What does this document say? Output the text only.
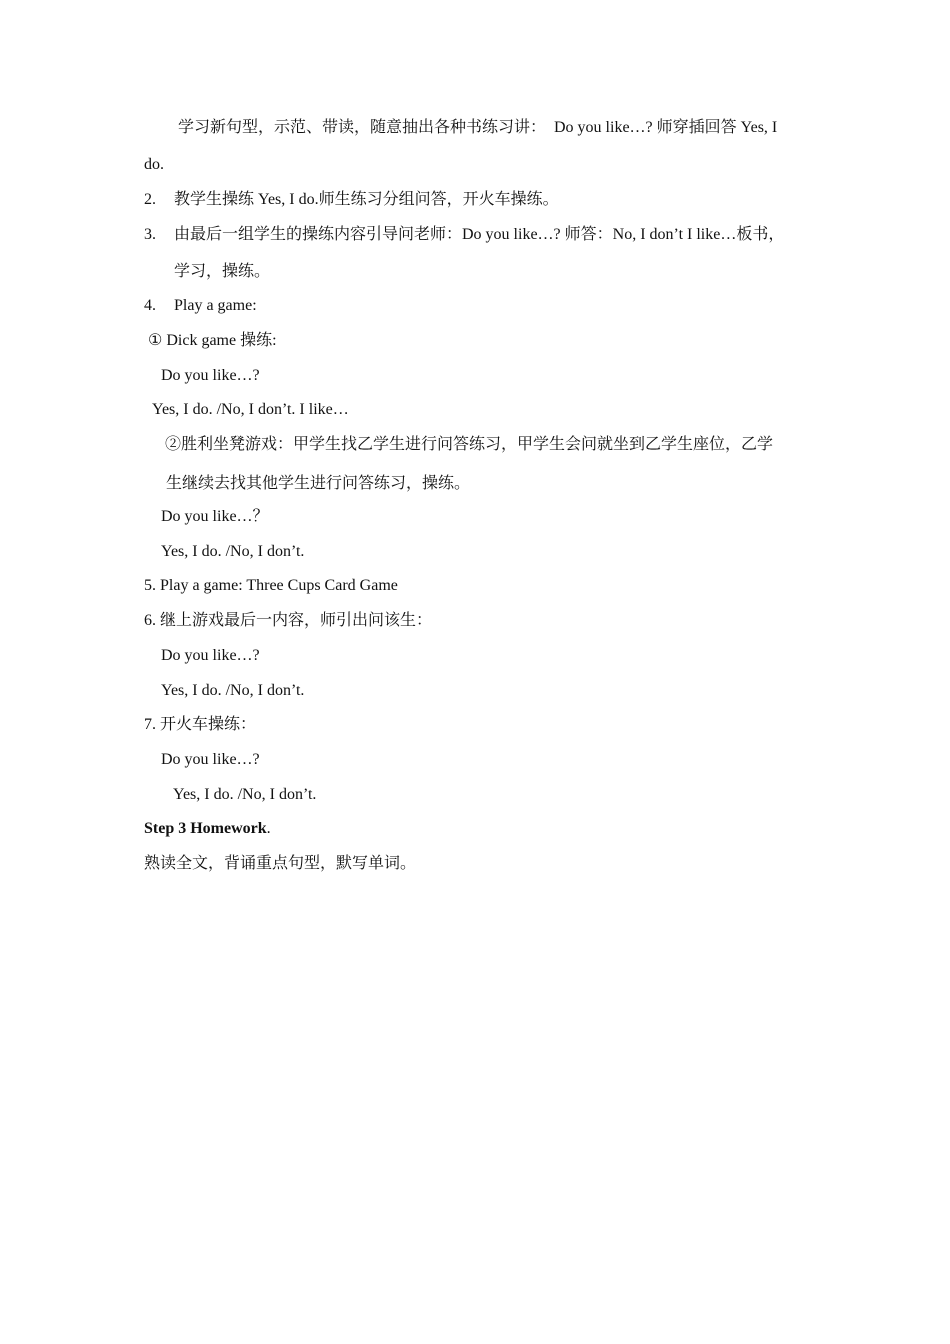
学习新句型，示范、带读，随意抽出各种书练习讲：　Do you like…? 师穿插回答 Yes, I
do.
2. 教学生操练 Yes, I do.师生练习分组问答，开火车操练。
3. 由最后一组学生的操练内容引导问老师：Do you like…? 师答：No, I don’t I like…板书，
学习，操练。
4. Play a game:
① Dick game 操练:
Do you like…?
Yes, I do. /No, I don’t. I like…
②胜利坐凳游戏：甲学生找乙学生进行问答练习，甲学生会问就坐到乙学生座位，乙学
生继续去找其他学生进行问答练习，操练。
Do you like…？
Yes, I do. /No, I don’t.
5. Play a game: Three Cups Card Game
6. 继上游戏最后一内容，师引出问该生：
Do you like…?
Yes, I do. /No, I don’t.
7. 开火车操练：
Do you like…?
Yes, I do. /No, I don’t.
Step 3 Homework.
熟读全文，背诵重点句型，默写单词。
